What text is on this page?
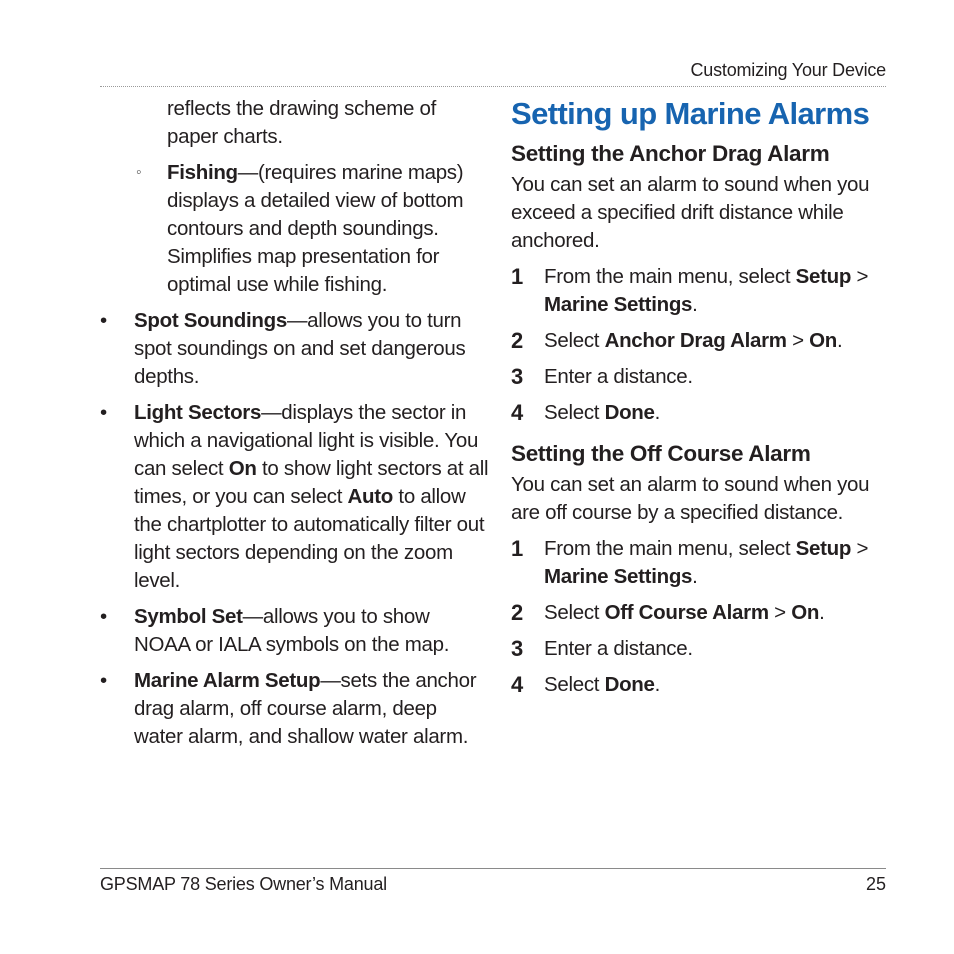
Customizing Your Device
reflects the drawing scheme of paper charts.
◦ Fishing—(requires marine maps) displays a detailed view of bottom contours and depth soundings. Simplifies map presentation for optimal use while fishing.
• Spot Soundings—allows you to turn spot soundings on and set dangerous depths.
• Light Sectors—displays the sector in which a navigational light is visible. You can select On to show light sectors at all times, or you can select Auto to allow the chartplotter to automatically filter out light sectors depending on the zoom level.
• Symbol Set—allows you to show NOAA or IALA symbols on the map.
• Marine Alarm Setup—sets the anchor drag alarm, off course alarm, deep water alarm, and shallow water alarm.
Setting up Marine Alarms
Setting the Anchor Drag Alarm

You can set an alarm to sound when you exceed a specified drift distance while anchored.

1 From the main menu, select Setup > Marine Settings.
2 Select Anchor Drag Alarm > On.
3 Enter a distance.
4 Select Done.
Setting the Off Course Alarm

You can set an alarm to sound when you are off course by a specified distance.

1 From the main menu, select Setup > Marine Settings.
2 Select Off Course Alarm > On.
3 Enter a distance.
4 Select Done.
GPSMAP 78 Series Owner’s Manual	25
